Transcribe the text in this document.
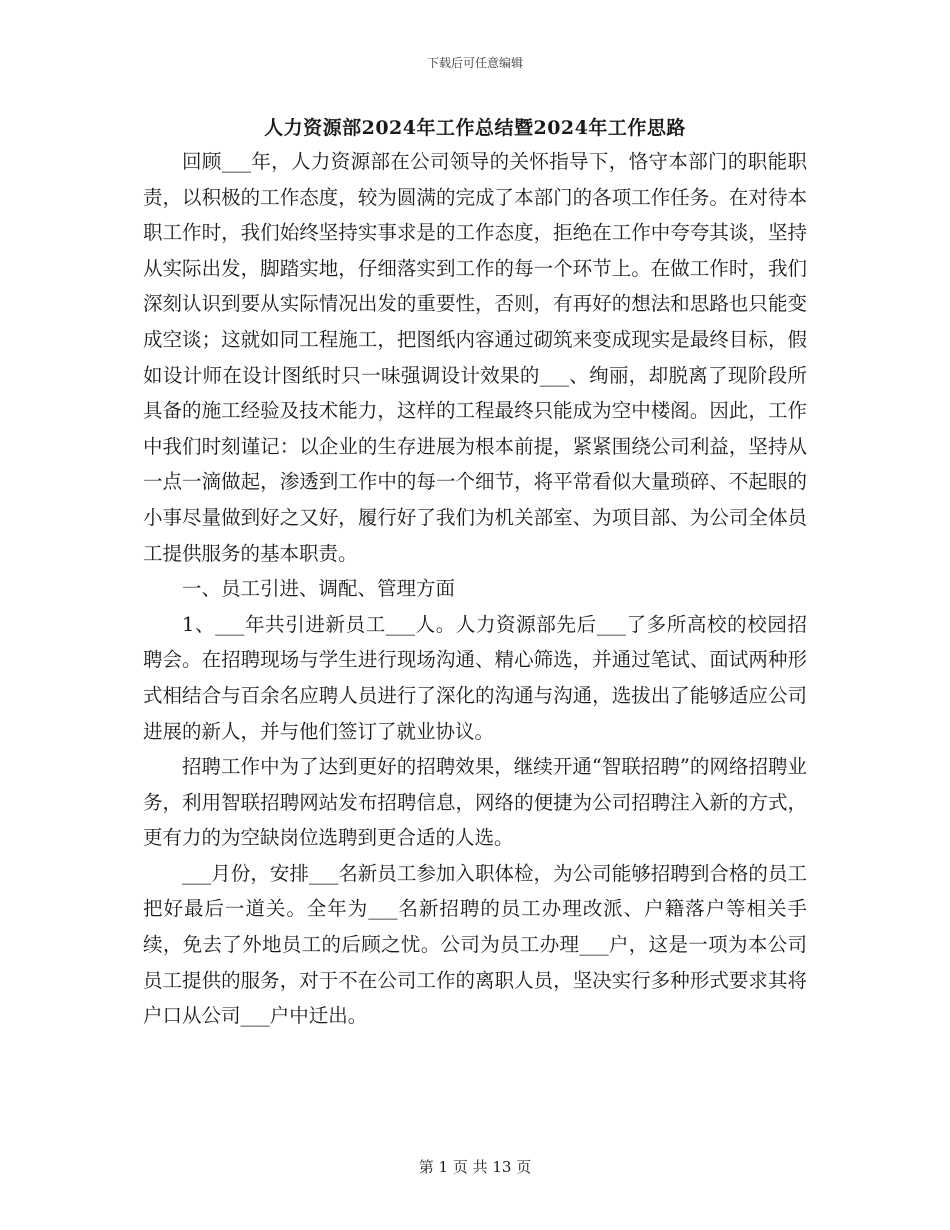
下载后可任意编辑
人力资源部2024年工作总结暨2024年工作思路

回顾___年，人力资源部在公司领导的关怀指导下，恪守本部门的职能职责，以积极的工作态度，较为圆满的完成了本部门的各项工作任务。在对待本职工作时，我们始终坚持实事求是的工作态度，拒绝在工作中夸夸其谈，坚持从实际出发，脚踏实地，仔细落实到工作的每一个环节上。在做工作时，我们深刻认识到要从实际情况出发的重要性，否则，有再好的想法和思路也只能变成空谈；这就如同工程施工，把图纸内容通过砌筑来变成现实是最终目标，假如设计师在设计图纸时只一味强调设计效果的___、绚丽，却脱离了现阶段所具备的施工经验及技术能力，这样的工程最终只能成为空中楼阁。因此，工作中我们时刻谨记：以企业的生存进展为根本前提，紧紧围绕公司利益，坚持从一点一滴做起，渗透到工作中的每一个细节，将平常看似大量琐碎、不起眼的小事尽量做到好之又好，履行好了我们为机关部室、为项目部、为公司全体员工提供服务的基本职责。

一、员工引进、调配、管理方面

1、___年共引进新员工___人。人力资源部先后___了多所高校的校园招聘会。在招聘现场与学生进行现场沟通、精心筛选，并通过笔试、面试两种形式相结合与百余名应聘人员进行了深化的沟通与沟通，选拔出了能够适应公司进展的新人，并与他们签订了就业协议。

招聘工作中为了达到更好的招聘效果，继续开通“智联招聘”的网络招聘业务，利用智联招聘网站发布招聘信息，网络的便捷为公司招聘注入新的方式，更有力的为空缺岗位选聘到更合适的人选。

___月份，安排___名新员工参加入职体检，为公司能够招聘到合格的员工把好最后一道关。全年为___名新招聘的员工办理改派、户籍落户等相关手续，免去了外地员工的后顾之忧。公司为员工办理___户，这是一项为本公司员工提供的服务，对于不在公司工作的离职人员，坚决实行多种形式要求其将户口从公司___户中迁出。

第 1 页 共 13 页
